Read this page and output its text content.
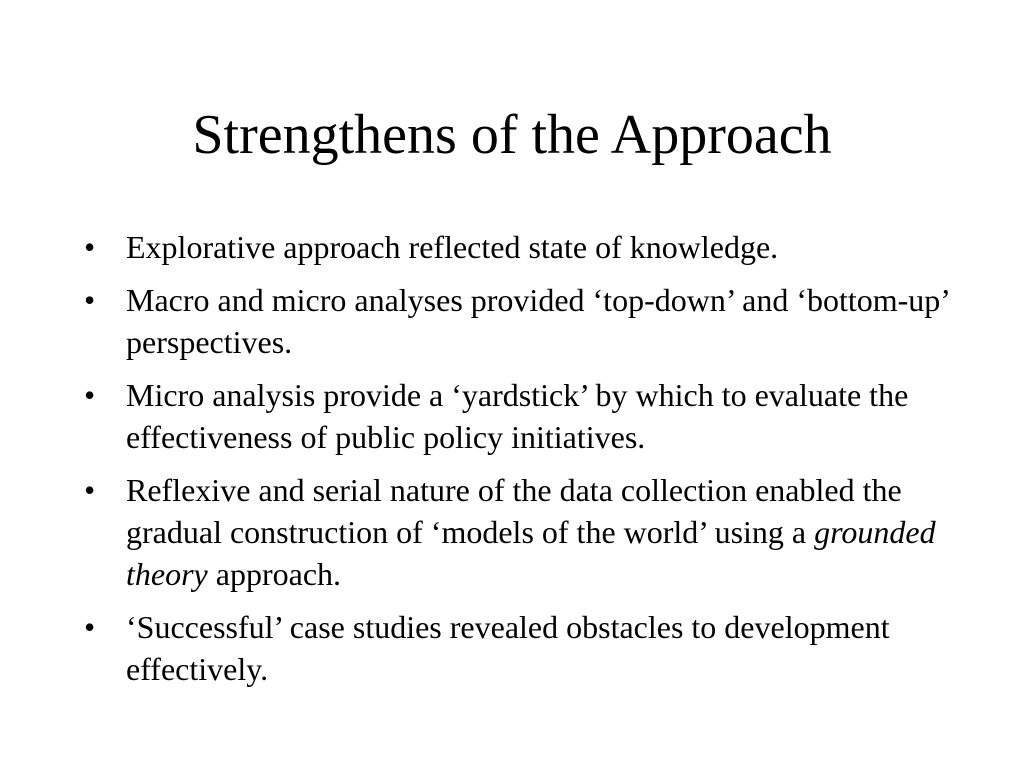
Strengthens of the Approach
• Explorative approach reflected state of knowledge.
• Macro and micro analyses provided ‘top-down’ and ‘bottom-up’ perspectives.
• Micro analysis provide a ‘yardstick’ by which to evaluate the effectiveness of public policy initiatives.
• Reflexive and serial nature of the data collection enabled the gradual construction of ‘models of the world’ using a grounded theory approach.
• ‘Successful’ case studies revealed obstacles to development effectively.
